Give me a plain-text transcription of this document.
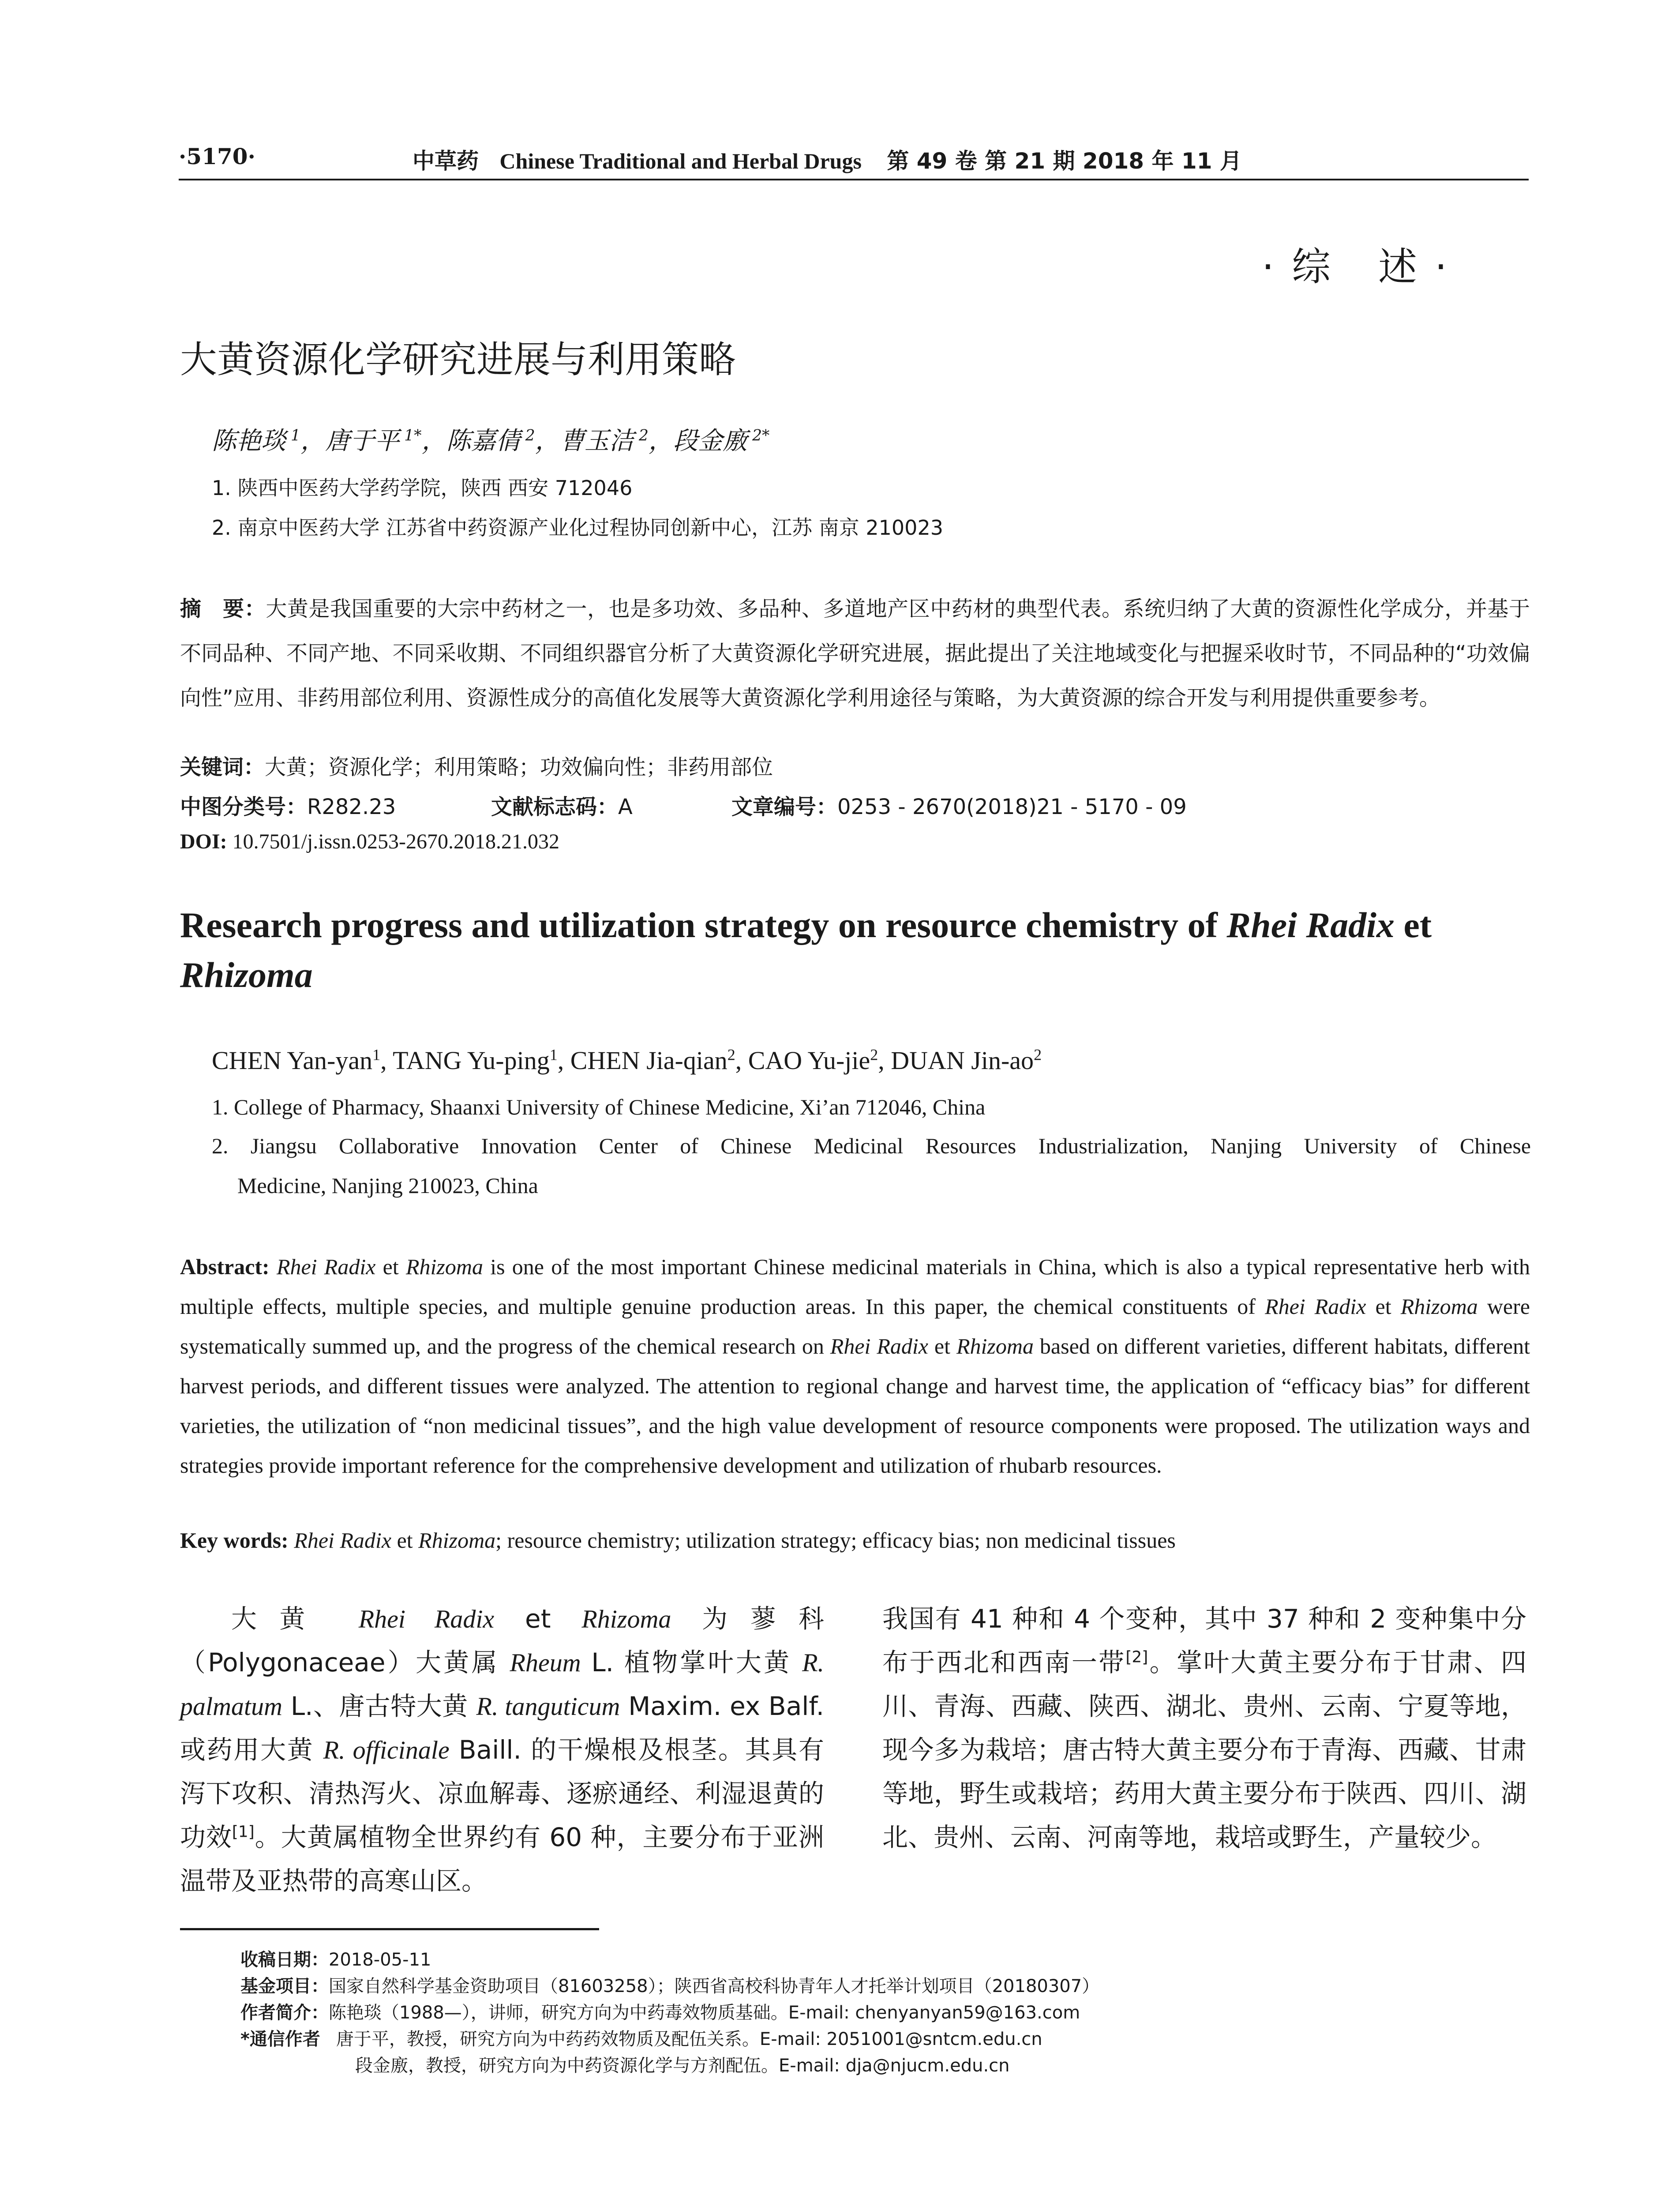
·5170·	中草药 Chinese Traditional and Herbal Drugs 第 49 卷 第 21 期 2018 年 11 月
·综 述·
大黄资源化学研究进展与利用策略
陈艳琰 $^1$，唐于平 $^{1*}$，陈嘉倩 $^2$，曹玉洁 $^2$，段金廒 $^{2*}$
1. 陕西中医药大学药学院，陕西 西安 712046
2. 南京中医药大学 江苏省中药资源产业化过程协同创新中心，江苏 南京 210023
摘　要：大黄是我国重要的大宗中药材之一，也是多功效、多品种、多道地产区中药材的典型代表。系统归纳了大黄的资源性化学成分，并基于不同品种、不同产地、不同采收期、不同组织器官分析了大黄资源化学研究进展，据此提出了关注地域变化与把握采收时节，不同品种的“功效偏向性”应用、非药用部位利用、资源性成分的高值化发展等大黄资源化学利用途径与策略，为大黄资源的综合开发与利用提供重要参考。
关键词：大黄；资源化学；利用策略；功效偏向性；非药用部位
中图分类号：R282.23	文献标志码：A	文章编号：0253 - 2670(2018)21 - 5170 - 09
DOI: 10.7501/j.issn.0253-2670.2018.21.032
Research progress and utilization strategy on resource chemistry of Rhei Radix et
Rhizoma
CHEN Yan-yan$^1$, TANG Yu-ping$^1$, CHEN Jia-qian$^2$, CAO Yu-jie$^2$, DUAN Jin-$ao^2$
1. College of Pharmacy, Shaanxi University of Chinese Medicine, Xi’an 712046, China
2. Jiangsu Collaborative Innovation Center of Chinese Medicinal Resources Industrialization, Nanjing University of Chinese
Medicine, Nanjing 210023, China
Abstract: Rhei Radix et Rhizoma is one of the most important Chinese medicinal materials in China, which is also a typical representative herb with multiple effects, multiple species, and multiple genuine production areas. In this paper, the chemical constituents of Rhei Radix et Rhizoma were systematically summed up, and the progress of the chemical research on Rhei Radix et Rhizoma based on different varieties, different habitats, different harvest periods, and different tissues were analyzed. The attention to regional change and harvest time, the application of “efficacy bias” for different varieties, the utilization of “non medicinal tissues”, and the high value development of resource components were proposed. The utilization ways and strategies provide important reference for the comprehensive development and utilization of rhubarb resources.
Key words: Rhei Radix et Rhizoma; resource chemistry; utilization strategy; efficacy bias; non medicinal tissues
大黄 Rhei Radix et Rhizoma 为蓼科（Polygonaceae）大黄属 Rheum L. 植物掌叶大黄 R. palmatum L.、唐古特大黄 R. tanguticum Maxim. ex Balf. 或药用大黄 R. officinale Baill. 的干燥根及根茎。其具有泻下攻积、清热泻火、凉血解毒、逐瘀通经、利湿退黄的功效[1]。大黄属植物全世界约有 60 种，主要分布于亚洲温带及亚热带的高寒山区。
我国有 41 种和 4 个变种，其中 37 种和 2 变种集中分布于西北和西南一带[2]。掌叶大黄主要分布于甘肃、四川、青海、西藏、陕西、湖北、贵州、云南、宁夏等地，现今多为栽培；唐古特大黄主要分布于青海、西藏、甘肃等地，野生或栽培；药用大黄主要分布于陕西、四川、湖北、贵州、云南、河南等地，栽培或野生，产量较少。
收稿日期：2018-05-11
基金项目：国家自然科学基金资助项目（81603258）；陕西省高校科协青年人才托举计划项目（20180307）
作者简介：陈艳琰（1988—），讲师，研究方向为中药毒效物质基础。E-mail: chenyanyan59@163.com
*通信作者 唐于平，教授，研究方向为中药药效物质及配伍关系。E-mail: 2051001@sntcm.edu.cn
段金廒，教授，研究方向为中药资源化学与方剂配伍。E-mail: dja@njucm.edu.cn
